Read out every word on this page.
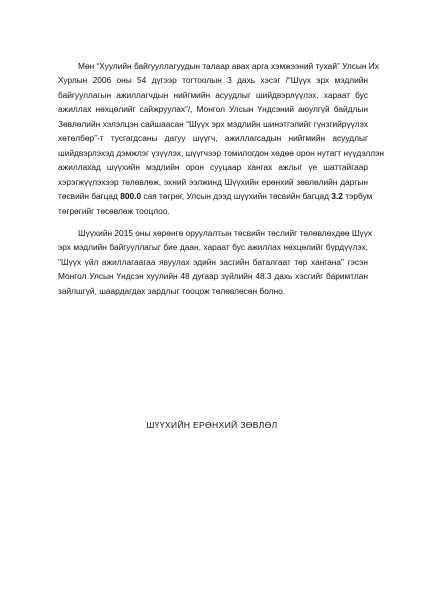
Мөн “Хуулийн байгууллагуудын талаар авах арга хэмжээний тухай” Улсын Их
Хурлын 2006 оны 54 дүгээр тогтоолын 3 дахь хэсэг /“Шүүх эрх мэдлийн
байгууллагын ажиллагчдын нийгмийн асуудлыг шийдвэрлүүлэх, хараат бус
ажиллах нөхцөлийг сайжруулах”/, Монгол Улсын Үндсэний аюулгүй байдлын
Зөвлөлийн хэлэлцэн сайшаасан “Шүүх эрх мэдлийн шинэтгэлийг гүнзгийрүүлэх
хөтөлбөр”-т тусгагдсаны дагуу шүүгч, ажиллагсадын нийгмийн асуудлыг
шийдвэрлэхэд дэмжлэг үзүүлэх, шүүгчээр томилогдон хөдөө орон нутагт нүүдэллэн
ажиллахад шүүхийн мэдлийн орон сууцаар хангах ажлыг үе шаттайгаар
хэрэгжүүлэхээр төлөвлөж, эхний ээлжинд Шүүхийн ерөнхий зөвлөлийн даргын
төсвийн багцад 800.0 сая төгрөг, Улсын дээд шүүхийн төсвийн багцад 3.2 тэрбум
төгрөгийг төсөвлөж тооцлоо.
Шүүхийн 2015 оны хөрөнгө оруулалтын төсвийн төслийг төлөвлөхдөө Шүүх
эрх мэдлийн байгууллагыг бие даан, хараат бус ажиллах нөхцөлийг бүрдүүлэх,
"Шүүх үйл ажиллагаагаа явуулах эдийн засгийн баталгаат төр хангана" гэсэн
Монгол Улсын Үндсэн хуулийн 48 дугаар зүйлийн 48.3 дахь хэсгийг баримтлан
зайлшгүй, шаардагдах зардлыг тооцож төлөвлөсөн болно.
ШҮҮХИЙН ЕРӨНХИЙ ЗӨВЛӨЛ
